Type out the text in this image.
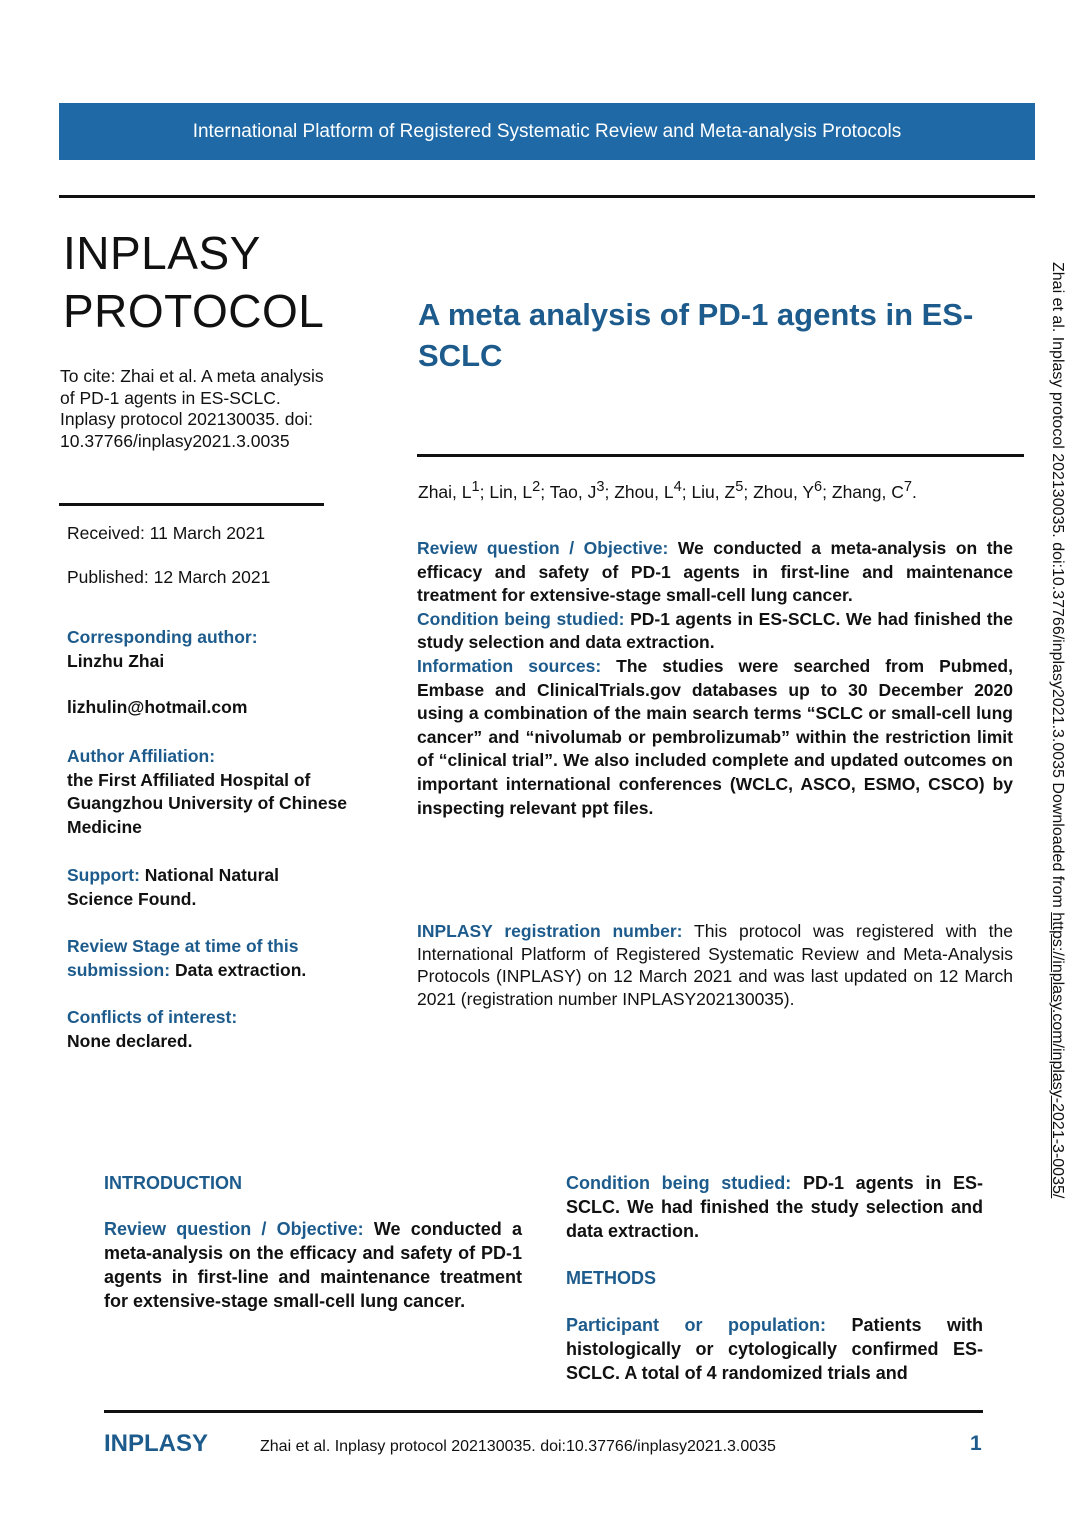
International Platform of Registered Systematic Review and Meta-analysis Protocols
INPLASY
PROTOCOL
To cite: Zhai et al. A meta analysis of PD-1 agents in ES-SCLC. Inplasy protocol 202130035. doi: 10.37766/inplasy2021.3.0035
Received: 11 March 2021
Published: 12 March 2021
Corresponding author:
Linzhu Zhai
lizhulin@hotmail.com
Author Affiliation:
the First Affiliated Hospital of Guangzhou University of Chinese Medicine
Support: National Natural Science Found.
Review Stage at time of this submission: Data extraction.
Conflicts of interest:
None declared.
A meta analysis of PD-1 agents in ES-SCLC
Zhai, $L^1$; Lin, $L^2$; Tao, $J^3$; Zhou, $L^4$; Liu, $Z^5$; Zhou, $Y^6$; Zhang, $C^7$.

Review question / Objective: We conducted a meta-analysis on the efficacy and safety of PD-1 agents in first-line and maintenance treatment for extensive-stage small-cell lung cancer.

Condition being studied: PD-1 agents in ES-SCLC. We had finished the study selection and data extraction.

Information sources: The studies were searched from Pubmed, Embase and ClinicalTrials.gov databases up to 30 December 2020 using a combination of the main search terms “SCLC or small-cell lung cancer” and “nivolumab or pembrolizumab” within the restriction limit of “clinical trial”. We also included complete and updated outcomes on important international conferences (WCLC, ASCO, ESMO, CSCO) by inspecting relevant ppt files.

INPLASY registration number: This protocol was registered with the International Platform of Registered Systematic Review and Meta-Analysis Protocols (INPLASY) on 12 March 2021 and was last updated on 12 March 2021 (registration number INPLASY202130035).

INTRODUCTION

Review question / Objective: We conducted a meta-analysis on the efficacy and safety of PD-1 agents in first-line and maintenance treatment for extensive-stage small-cell lung cancer.

Condition being studied: PD-1 agents in ES-SCLC. We had finished the study selection and data extraction.

METHODS

Participant or population: Patients with histologically or cytologically confirmed ES-SCLC. A total of 4 randomized trials and

Zhai et al. Inplasy protocol 202130035. doi:10.37766/inplasy2021.3.0035 Downloaded from https://inplasy.com/inplasy-2021-3-0035/
INPLASY	Zhai et al. Inplasy protocol 202130035. doi:10.37766/inplasy2021.3.0035	1
